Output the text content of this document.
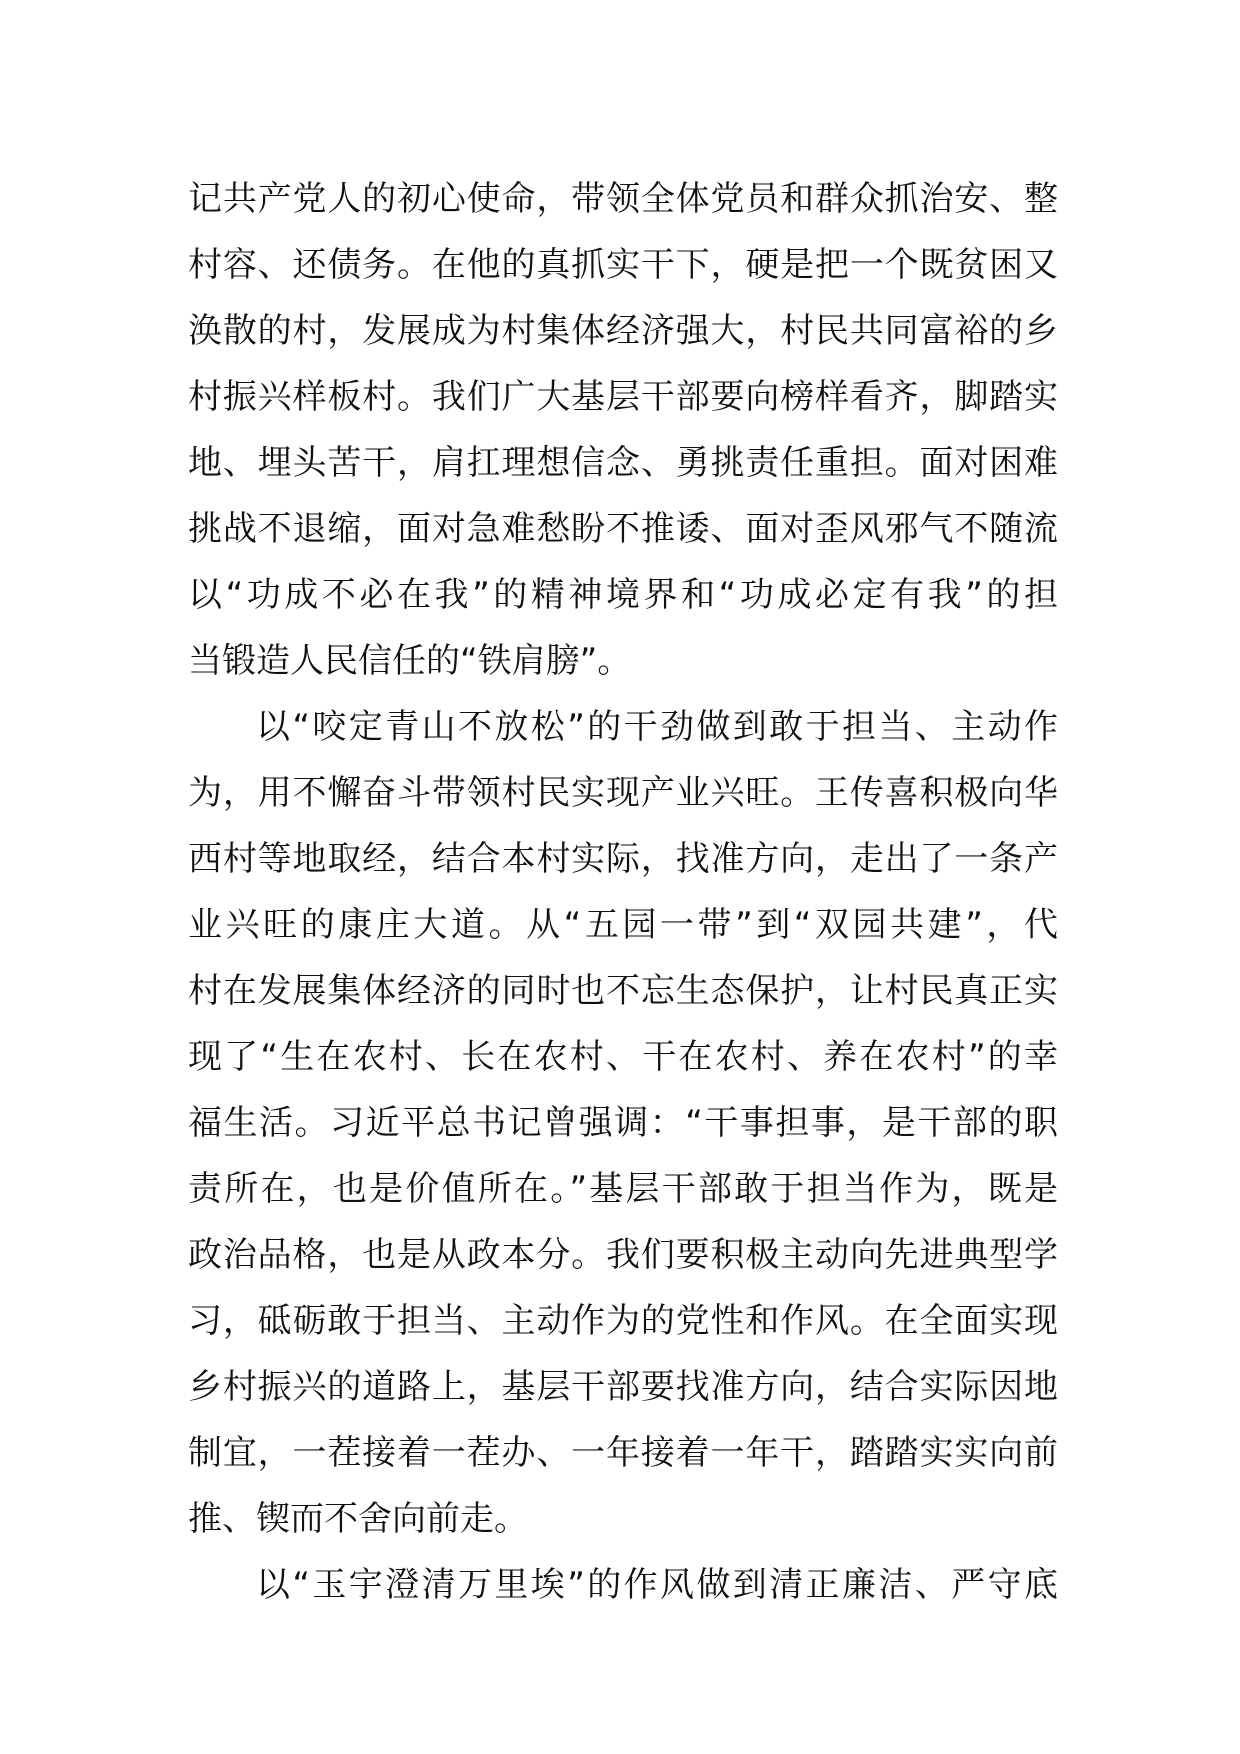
记共产党人的初心使命，带领全体党员和群众抓治安、整
村容、还债务。在他的真抓实干下，硬是把一个既贫困又
涣散的村，发展成为村集体经济强大，村民共同富裕的乡
村振兴样板村。我们广大基层干部要向榜样看齐，脚踏实
地、埋头苦干，肩扛理想信念、勇挑责任重担。面对困难
挑战不退缩，面对急难愁盼不推诿、面对歪风邪气不随流
以“功成不必在我”的精神境界和“功成必定有我”的担
当锻造人民信任的“铁肩膀”。
以“咬定青山不放松”的干劲做到敢于担当、主动作
为，用不懈奋斗带领村民实现产业兴旺。王传喜积极向华
西村等地取经，结合本村实际，找准方向，走出了一条产
业兴旺的康庄大道。从“五园一带”到“双园共建”，代
村在发展集体经济的同时也不忘生态保护，让村民真正实
现了“生在农村、长在农村、干在农村、养在农村”的幸
福生活。习近平总书记曾强调：“干事担事，是干部的职
责所在，也是价值所在。”基层干部敢于担当作为，既是
政治品格，也是从政本分。我们要积极主动向先进典型学
习，砥砺敢于担当、主动作为的党性和作风。在全面实现
乡村振兴的道路上，基层干部要找准方向，结合实际因地
制宜，一茬接着一茬办、一年接着一年干，踏踏实实向前
推、锲而不舍向前走。
以“玉宇澄清万里埃”的作风做到清正廉洁、严守底
